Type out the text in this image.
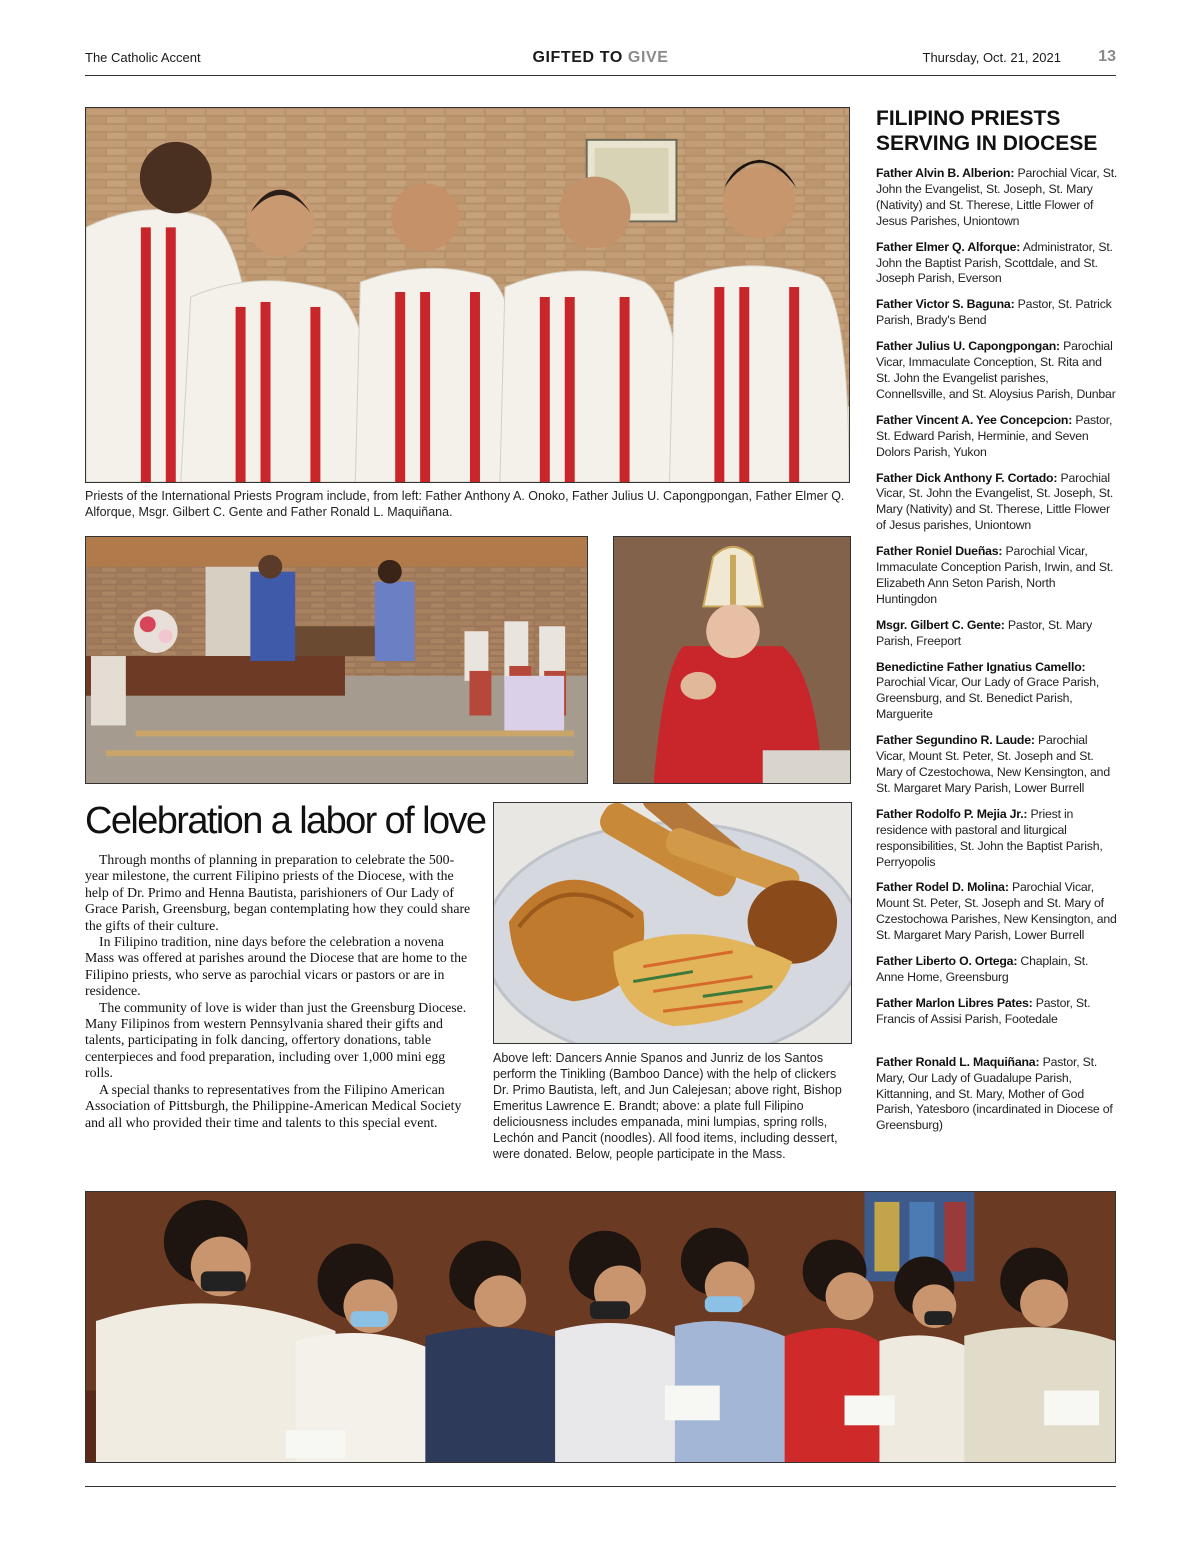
The Catholic Accent	GIFTED TO GIVE	Thursday, Oct. 21, 2021 13
Priests of the International Priests Program include, from left: Father Anthony A. Onoko, Father Julius U. Capongpongan, Father Elmer Q. Alforque, Msgr. Gilbert C. Gente and Father Ronald L. Maquiñana.
Celebration a labor of love

Through months of planning in preparation to celebrate the 500-year milestone, the current Filipino priests of the Diocese, with the help of Dr. Primo and Henna Bautista, parishioners of Our Lady of Grace Parish, Greensburg, began contemplating how they could share the gifts of their culture.

In Filipino tradition, nine days before the celebration a novena Mass was offered at parishes around the Diocese that are home to the Filipino priests, who serve as parochial vicars or pastors or are in residence.

The community of love is wider than just the Greensburg Diocese. Many Filipinos from western Pennsylvania shared their gifts and talents, participating in folk dancing, offertory donations, table centerpieces and food preparation, including over 1,000 mini egg rolls.

A special thanks to representatives from the Filipino American Association of Pittsburgh, the Philippine-American Medical Society and all who provided their time and talents to this special event.

Above left: Dancers Annie Spanos and Junriz de los Santos perform the Tinikling (Bamboo Dance) with the help of clickers Dr. Primo Bautista, left, and Jun Calejesan; above right, Bishop Emeritus Lawrence E. Brandt; above: a plate full Filipino deliciousness includes empanada, mini lumpias, spring rolls, Lechón and Pancit (noodles). All food items, including dessert, were donated. Below, people participate in the Mass.
FILIPINO PRIESTS
SERVING IN DIOCESE
Father Alvin B. Alberion: Parochial Vicar, St. John the Evangelist, St. Joseph, St. Mary (Nativity) and St. Therese, Little Flower of Jesus Parishes, Uniontown
Father Elmer Q. Alforque: Administrator, St. John the Baptist Parish, Scottdale, and St. Joseph Parish, Everson
Father Victor S. Baguna: Pastor, St. Patrick Parish, Brady's Bend
Father Julius U. Capongpongan: Parochial Vicar, Immaculate Conception, St. Rita and St. John the Evangelist parishes, Connellsville, and St. Aloysius Parish, Dunbar
Father Vincent A. Yee Concepcion: Pastor, St. Edward Parish, Herminie, and Seven Dolors Parish, Yukon
Father Dick Anthony F. Cortado: Parochial Vicar, St. John the Evangelist, St. Joseph, St. Mary (Nativity) and St. Therese, Little Flower of Jesus parishes, Uniontown
Father Roniel Dueñas: Parochial Vicar, Immaculate Conception Parish, Irwin, and St. Elizabeth Ann Seton Parish, North Huntingdon
Msgr. Gilbert C. Gente: Pastor, St. Mary Parish, Freeport
Benedictine Father Ignatius Camello: Parochial Vicar, Our Lady of Grace Parish, Greensburg, and St. Benedict Parish, Marguerite
Father Segundino R. Laude: Parochial Vicar, Mount St. Peter, St. Joseph and St. Mary of Czestochowa, New Kensington, and St. Margaret Mary Parish, Lower Burrell
Father Rodolfo P. Mejia Jr.: Priest in residence with pastoral and liturgical responsibilities, St. John the Baptist Parish, Perryopolis
Father Rodel D. Molina: Parochial Vicar, Mount St. Peter, St. Joseph and St. Mary of Czestochowa Parishes, New Kensington, and St. Margaret Mary Parish, Lower Burrell
Father Liberto O. Ortega: Chaplain, St. Anne Home, Greensburg
Father Marlon Libres Pates: Pastor, St. Francis of Assisi Parish, Footedale
Father Ronald L. Maquiñana: Pastor, St. Mary, Our Lady of Guadalupe Parish, Kittanning, and St. Mary, Mother of God Parish, Yatesboro (incardinated in Diocese of Greensburg)
